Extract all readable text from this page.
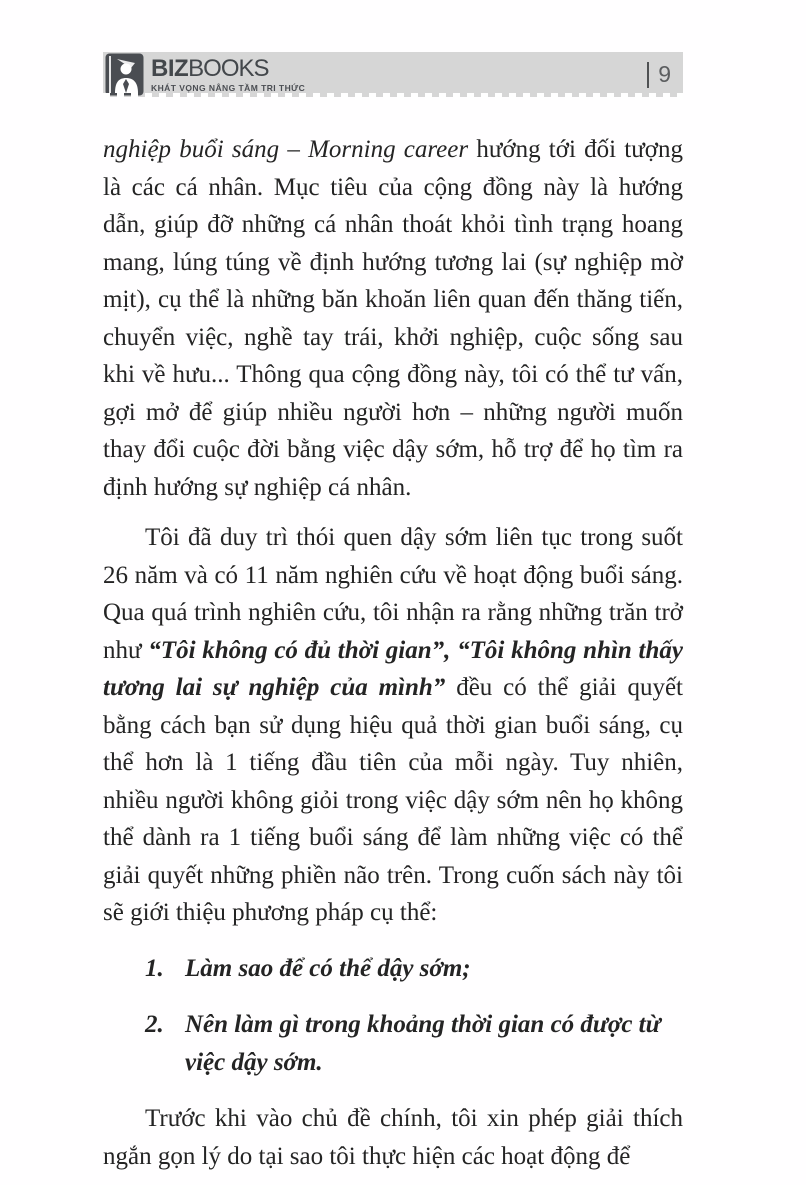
BIZ BOOKS
KHÁT VỌNG NÂNG TẦM TRI THỨC
9

nghiệp buổi sáng – Morning career hướng tới đối tượng là các cá nhân. Mục tiêu của cộng đồng này là hướng dẫn, giúp đỡ những cá nhân thoát khỏi tình trạng hoang mang, lúng túng về định hướng tương lai (sự nghiệp mờ mịt), cụ thể là những băn khoăn liên quan đến thăng tiến, chuyển việc, nghề tay trái, khởi nghiệp, cuộc sống sau khi về hưu... Thông qua cộng đồng này, tôi có thể tư vấn, gợi mở để giúp nhiều người hơn – những người muốn thay đổi cuộc đời bằng việc dậy sớm, hỗ trợ để họ tìm ra định hướng sự nghiệp cá nhân.

Tôi đã duy trì thói quen dậy sớm liên tục trong suốt 26 năm và có 11 năm nghiên cứu về hoạt động buổi sáng. Qua quá trình nghiên cứu, tôi nhận ra rằng những trăn trở như “Tôi không có đủ thời gian”, “Tôi không nhìn thấy tương lai sự nghiệp của mình” đều có thể giải quyết bằng cách bạn sử dụng hiệu quả thời gian buổi sáng, cụ thể hơn là 1 tiếng đầu tiên của mỗi ngày. Tuy nhiên, nhiều người không giỏi trong việc dậy sớm nên họ không thể dành ra 1 tiếng buổi sáng để làm những việc có thể giải quyết những phiền não trên. Trong cuốn sách này tôi sẽ giới thiệu phương pháp cụ thể:

1. Làm sao để có thể dậy sớm;
2. Nên làm gì trong khoảng thời gian có được từ việc dậy sớm.

Trước khi vào chủ đề chính, tôi xin phép giải thích ngắn gọn lý do tại sao tôi thực hiện các hoạt động để
